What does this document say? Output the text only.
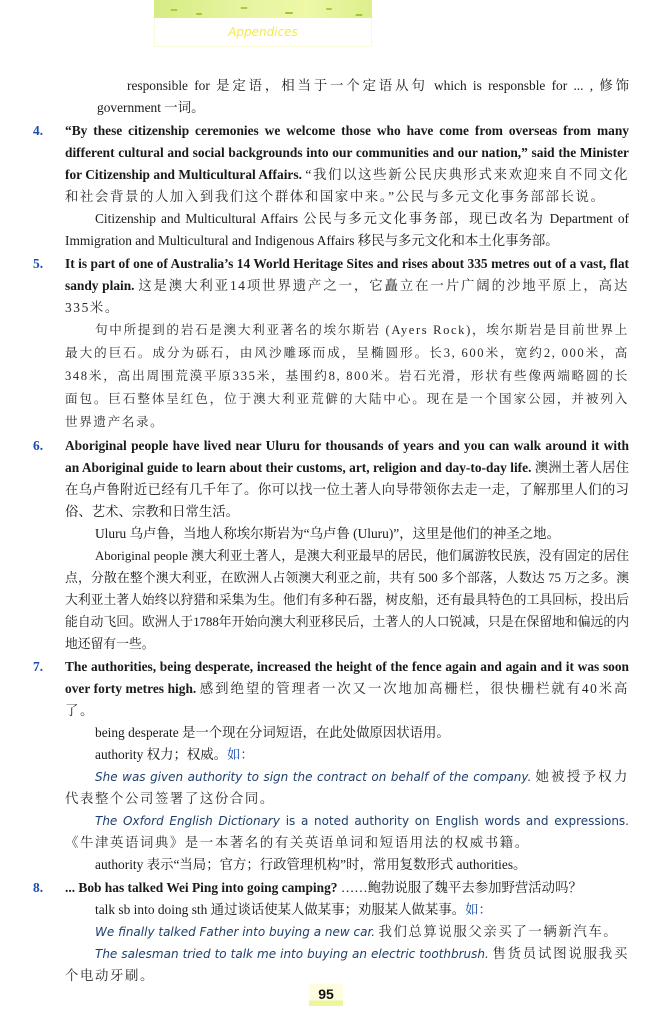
Appendices

responsible for 是定语，相当于一个定语从句 which is responsble for ... , 修饰 government 一词。

4. “By these citizenship ceremonies we welcome those who have come from overseas from many different cultural and social backgrounds into our communities and our nation,” said the Minister for Citizenship and Multicultural Affairs. “我们以这些新公民庆典形式来欢迎来自不同文化和社会背景的人加入到我们这个群体和国家中来。”公民与多元文化事务部部长说。

Citizenship and Multicultural Affairs 公民与多元文化事务部，现已改名为 Department of Immigration and Multicultural and Indigenous Affairs 移民与多元文化和本土化事务部。

5. It is part of one of Australia’s 14 World Heritage Sites and rises about 335 metres out of a vast, flat sandy plain. 这是澳大利亚14项世界遗产之一，它矗立在一片广阔的沙地平原上，高达335米。

句中所提到的岩石是澳大利亚著名的埃尔斯岩 (Ayers Rock)，埃尔斯岩是目前世界上最大的巨石。成分为砾石，由风沙雕琢而成，呈椭圆形。长3, 600米，宽约2, 000米，高348米，高出周围荒漠平原335米，基围约8, 800米。岩石光滑，形状有些像两端略圆的长面包。巨石整体呈红色，位于澳大利亚荒僻的大陆中心。现在是一个国家公园，并被列入世界遗产名录。

6. Aboriginal people have lived near Uluru for thousands of years and you can walk around it with an Aboriginal guide to learn about their customs, art, religion and day-to-day life. 澳洲土著人居住在乌卢鲁附近已经有几千年了。你可以找一位土著人向导带领你去走一走，了解那里人们的习俗、艺术、宗教和日常生活。

Uluru 乌卢鲁，当地人称埃尔斯岩为“乌卢鲁 (Uluru)”，这里是他们的神圣之地。

Aboriginal people 澳大利亚土著人，是澳大利亚最早的居民，他们属游牧民族，没有固定的居住点，分散在整个澳大利亚，在欧洲人占领澳大利亚之前，共有 500 多个部落，人数达 75 万之多。澳大利亚土著人始终以狩猎和采集为生。他们有多种石器，树皮船，还有最具特色的工具回标，投出后能自动飞回。欧洲人于1788年开始向澳大利亚移民后，土著人的人口锐减，只是在保留地和偏远的内地还留有一些。

7. The authorities, being desperate, increased the height of the fence again and again and it was soon over forty metres high. 感到绝望的管理者一次又一次地加高栅栏，很快栅栏就有40米高了。

being desperate 是一个现在分词短语，在此处做原因状语用。

authority 权力；权威。如：

She was given authority to sign the contract on behalf of the company. 她被授予权力代表整个公司签署了这份合同。

The Oxford English Dictionary is a noted authority on English words and expressions.《牛津英语词典》是一本著名的有关英语单词和短语用法的权威书籍。

authority 表示“当局；官方；行政管理机构”时，常用复数形式 authorities。

8. ... Bob has talked Wei Ping into going camping? ……鲍勃说服了魏平去参加野营活动吗？

talk sb into doing sth 通过谈话使某人做某事；劝服某人做某事。如：

We finally talked Father into buying a new car. 我们总算说服父亲买了一辆新汽车。

The salesman tried to talk me into buying an electric toothbrush. 售货员试图说服我买个电动牙刷。

95
